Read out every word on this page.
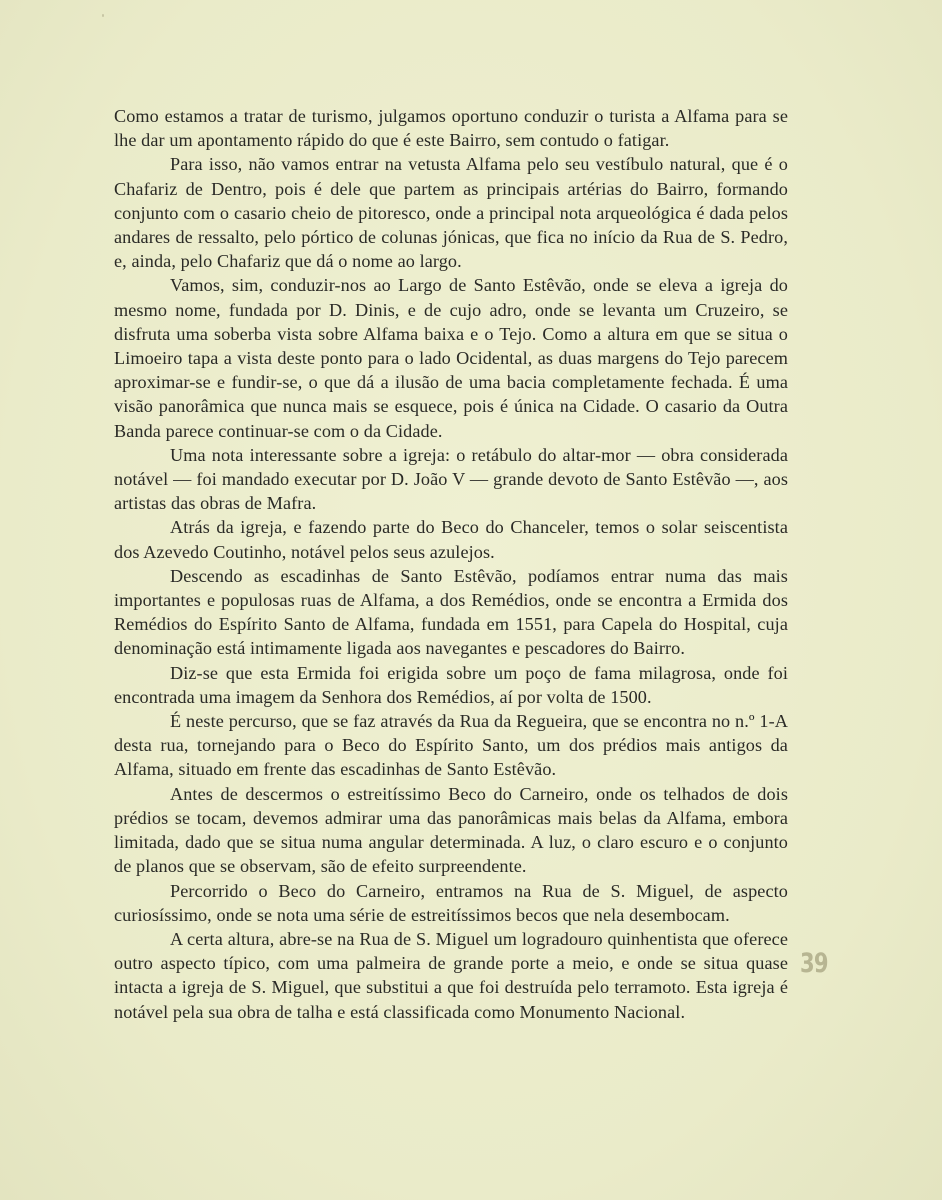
Como estamos a tratar de turismo, julgamos oportuno conduzir o turista a Alfama para se lhe dar um apontamento rápido do que é este Bairro, sem contudo o fatigar.

Para isso, não vamos entrar na vetusta Alfama pelo seu vestíbulo natural, que é o Chafariz de Dentro, pois é dele que partem as principais artérias do Bairro, formando conjunto com o casario cheio de pitoresco, onde a principal nota arqueológica é dada pelos andares de ressalto, pelo pórtico de colunas jónicas, que fica no início da Rua de S. Pedro, e, ainda, pelo Chafariz que dá o nome ao largo.

Vamos, sim, conduzir-nos ao Largo de Santo Estêvão, onde se eleva a igreja do mesmo nome, fundada por D. Dinis, e de cujo adro, onde se levanta um Cruzeiro, se disfruta uma soberba vista sobre Alfama baixa e o Tejo. Como a altura em que se situa o Limoeiro tapa a vista deste ponto para o lado Ocidental, as duas margens do Tejo parecem aproximar-se e fundir-se, o que dá a ilusão de uma bacia completamente fechada. É uma visão panorâmica que nunca mais se esquece, pois é única na Cidade. O casario da Outra Banda parece continuar-se com o da Cidade.

Uma nota interessante sobre a igreja: o retábulo do altar-mor — obra considerada notável — foi mandado executar por D. João V — grande devoto de Santo Estêvão —, aos artistas das obras de Mafra.

Atrás da igreja, e fazendo parte do Beco do Chanceler, temos o solar seiscentista dos Azevedo Coutinho, notável pelos seus azulejos.

Descendo as escadinhas de Santo Estêvão, podíamos entrar numa das mais importantes e populosas ruas de Alfama, a dos Remédios, onde se encontra a Ermida dos Remédios do Espírito Santo de Alfama, fundada em 1551, para Capela do Hospital, cuja denominação está intimamente ligada aos navegantes e pescadores do Bairro.

Diz-se que esta Ermida foi erigida sobre um poço de fama milagrosa, onde foi encontrada uma imagem da Senhora dos Remédios, aí por volta de 1500.

É neste percurso, que se faz através da Rua da Regueira, que se encontra no n.º 1-A desta rua, tornejando para o Beco do Espírito Santo, um dos prédios mais antigos da Alfama, situado em frente das escadinhas de Santo Estêvão.

Antes de descermos o estreitíssimo Beco do Carneiro, onde os telhados de dois prédios se tocam, devemos admirar uma das panorâmicas mais belas da Alfama, embora limitada, dado que se situa numa angular determinada. A luz, o claro escuro e o conjunto de planos que se observam, são de efeito surpreendente.

Percorrido o Beco do Carneiro, entramos na Rua de S. Miguel, de aspecto curiosíssimo, onde se nota uma série de estreitíssimos becos que nela desembocam.

A certa altura, abre-se na Rua de S. Miguel um logradouro quinhentista que oferece outro aspecto típico, com uma palmeira de grande porte a meio, e onde se situa quase intacta a igreja de S. Miguel, que substitui a que foi destruída pelo terramoto. Esta igreja é notável pela sua obra de talha e está classificada como Monumento Nacional.

39
